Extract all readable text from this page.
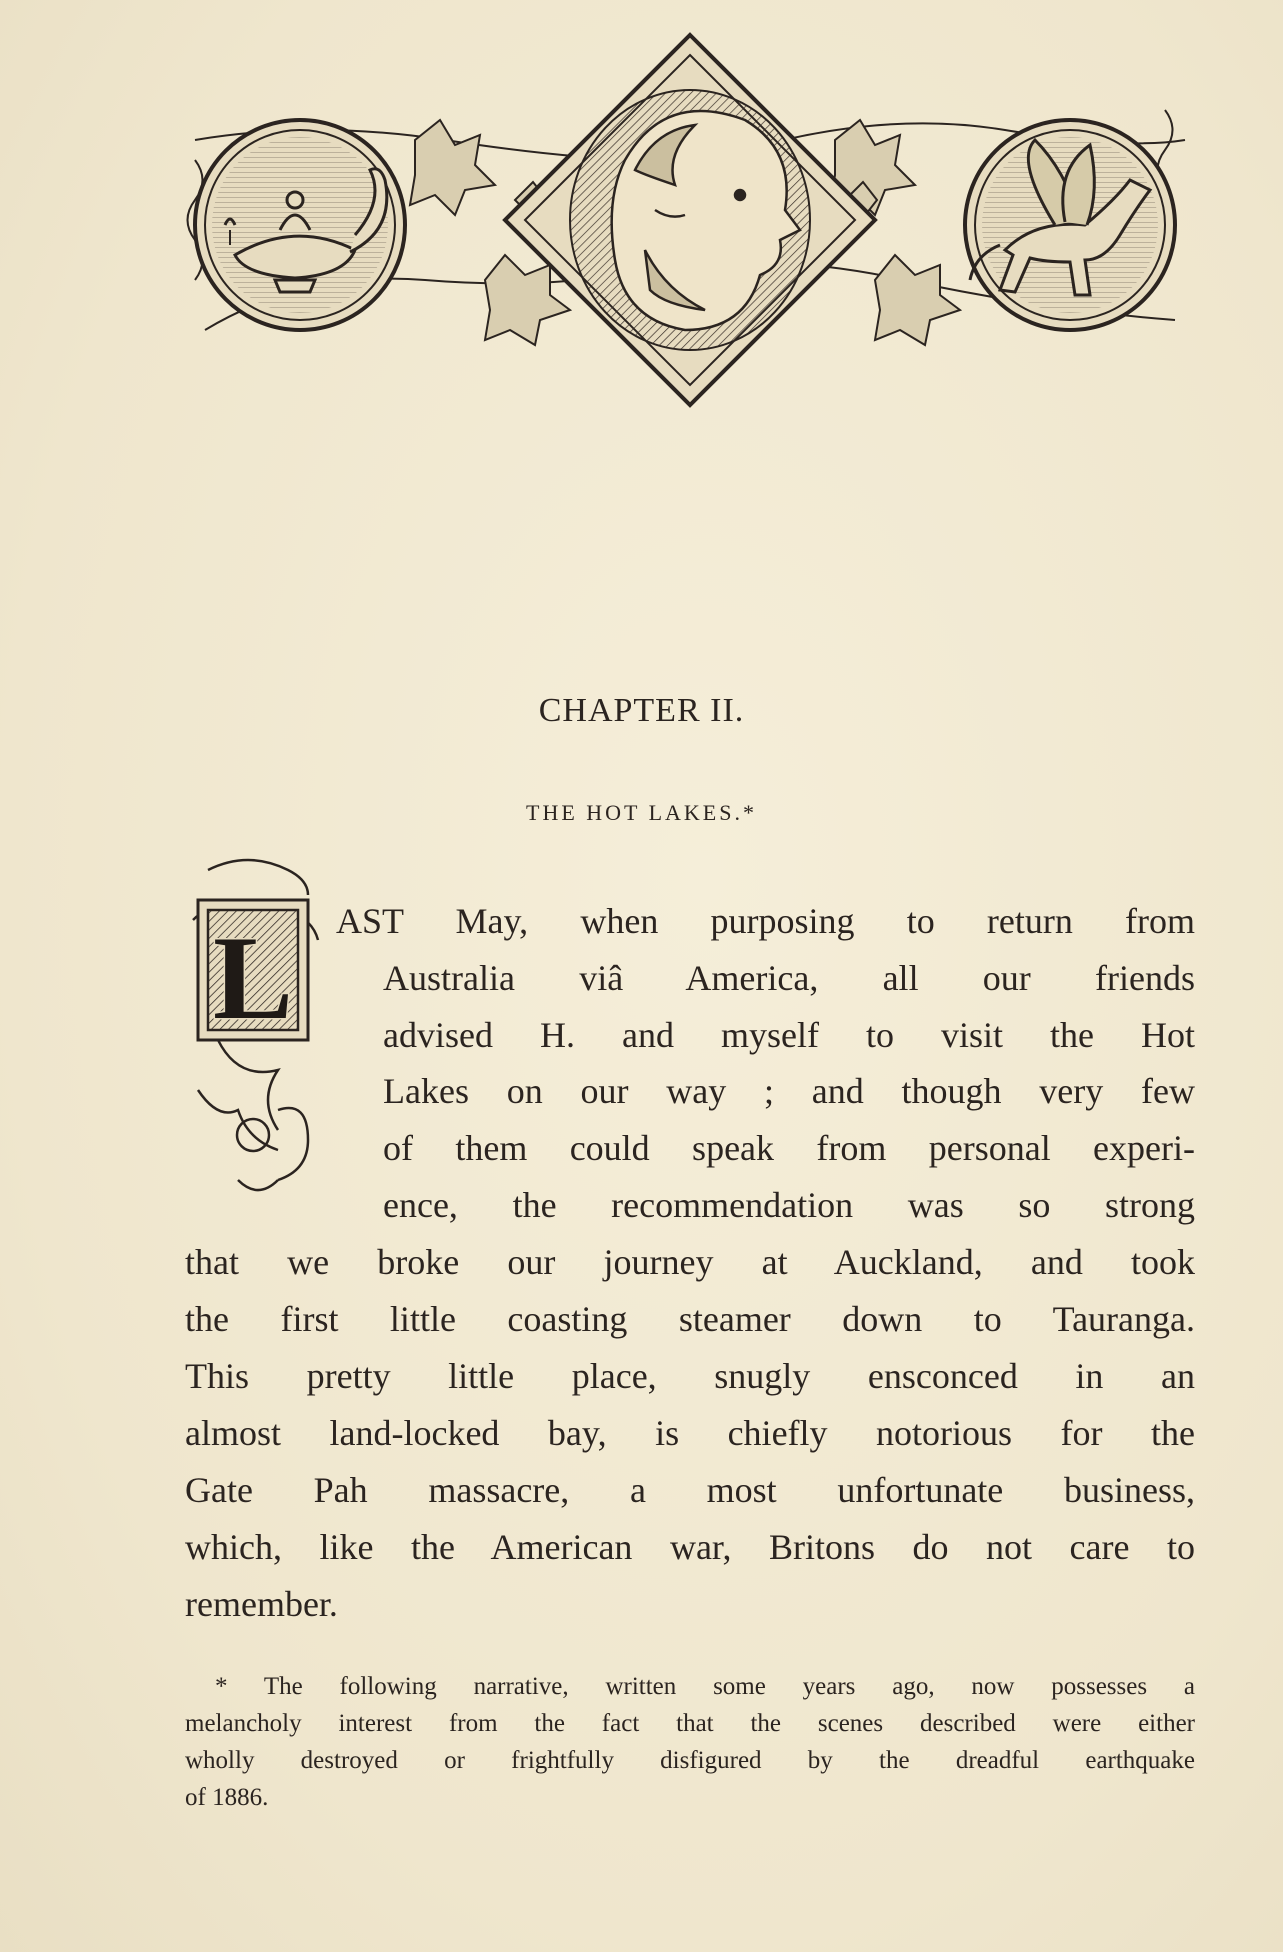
CHAPTER II.
THE HOT LAKES.*
L AST May, when purposing to return from
Australia viâ America, all our friends
advised H. and myself to visit the Hot
Lakes on our way ; and though very few
of them could speak from personal experi-
ence, the recommendation was so strong
that we broke our journey at Auckland, and took
the first little coasting steamer down to Tauranga.
This pretty little place, snugly ensconced in an
almost land-locked bay, is chiefly notorious for the
Gate Pah massacre, a most unfortunate business,
which, like the American war, Britons do not care to
remember.
* The following narrative, written some years ago, now possesses a
melancholy interest from the fact that the scenes described were either
wholly destroyed or frightfully disfigured by the dreadful earthquake
of 1886.
